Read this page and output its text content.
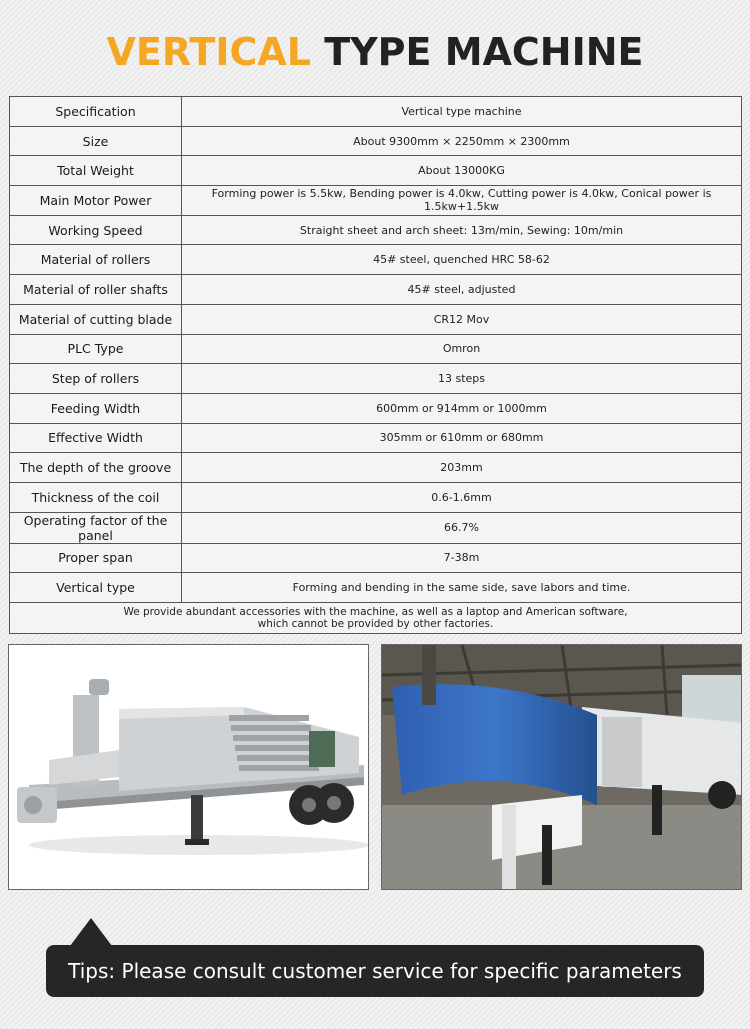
VERTICAL TYPE MACHINE
Specification	Vertical type machine
Size	About 9300mm × 2250mm × 2300mm
Total Weight	About 13000KG
Main Motor Power	Forming power is 5.5kw, Bending power is 4.0kw, Cutting power is 4.0kw, Conical power is 1.5kw+1.5kw
Working Speed	Straight sheet and arch sheet: 13m/min, Sewing: 10m/min
Material of rollers	45# steel, quenched HRC 58-62
Material of roller shafts	45# steel, adjusted
Material of cutting blade	CR12 Mov
PLC Type	Omron
Step of rollers	13 steps
Feeding Width	600mm or 914mm or 1000mm
Effective Width	305mm or 610mm or 680mm
The depth of the groove	203mm
Thickness of the coil	0.6-1.6mm
Operating factor of the panel	66.7%
Proper span	7-38m
Vertical type	Forming and bending in the same side, save labors and time.

We provide abundant accessories with the machine, as well as a laptop and American software,
which cannot be provided by other factories.	
Tips: Please consult customer service for specific parameters
